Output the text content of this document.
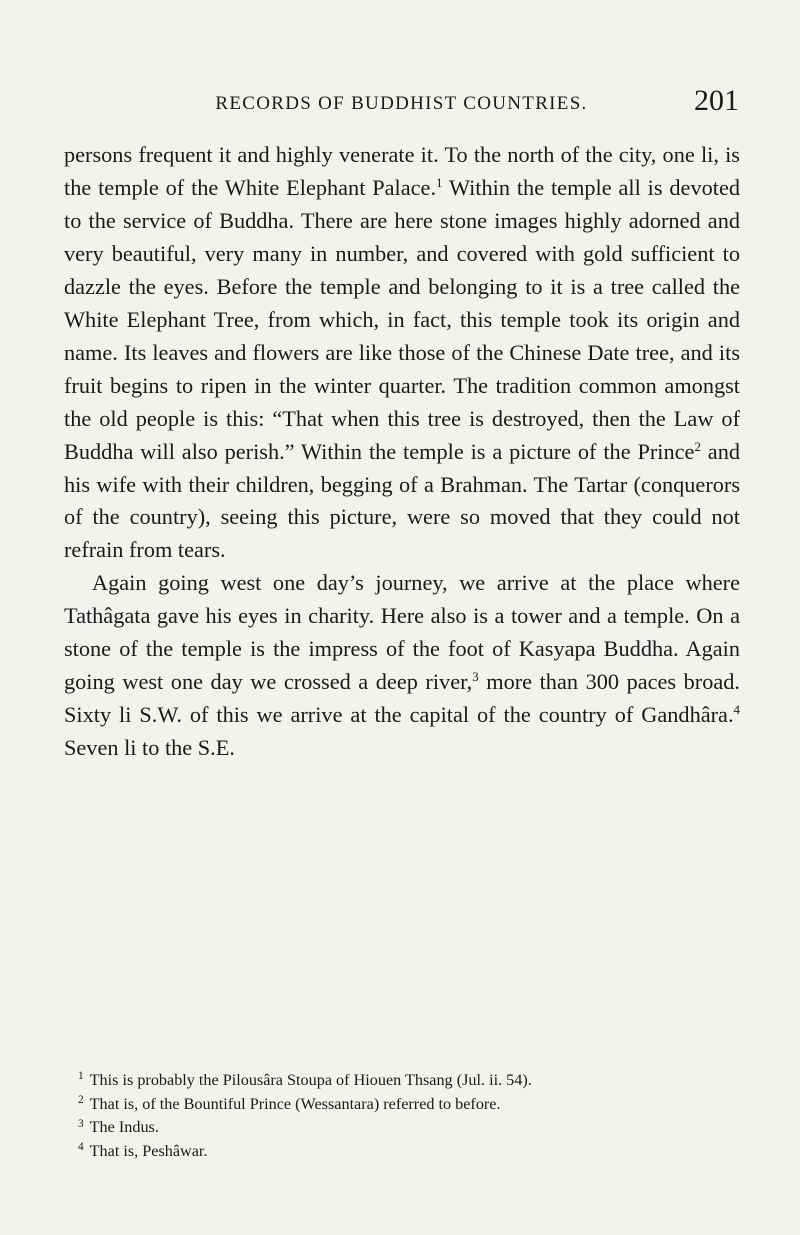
RECORDS OF BUDDHIST COUNTRIES.	201

persons frequent it and highly venerate it. To the north of the city, one li, is the temple of the White Elephant Palace.$^1$ Within the temple all is devoted to the service of Buddha. There are here stone images highly adorned and very beautiful, very many in number, and covered with gold sufficient to dazzle the eyes. Before the temple and belonging to it is a tree called the White Elephant Tree, from which, in fact, this temple took its origin and name. Its leaves and flowers are like those of the Chinese Date tree, and its fruit begins to ripen in the winter quarter. The tradition common amongst the old people is this: “That when this tree is destroyed, then the Law of Buddha will also perish.” Within the temple is a picture of the Prince$^2$ and his wife with their children, begging of a Brahman. The Tartar (conquerors of the country), seeing this picture, were so moved that they could not refrain from tears.

Again going west one day’s journey, we arrive at the place where Tathâgata gave his eyes in charity. Here also is a tower and a temple. On a stone of the temple is the impress of the foot of Kasyapa Buddha. Again going west one day we crossed a deep river,$^3$ more than 300 paces broad. Sixty li S.W. of this we arrive at the capital of the country of Gandhâra.$^4$ Seven li to the S.E.

$^1$ This is probably the Pilousâra Stoupa of Hiouen Thsang (Jul. ii. 54).
$^2$ That is, of the Bountiful Prince (Wessantara) referred to before.
$^3$ The Indus.
$^4$ That is, Peshâwar.
